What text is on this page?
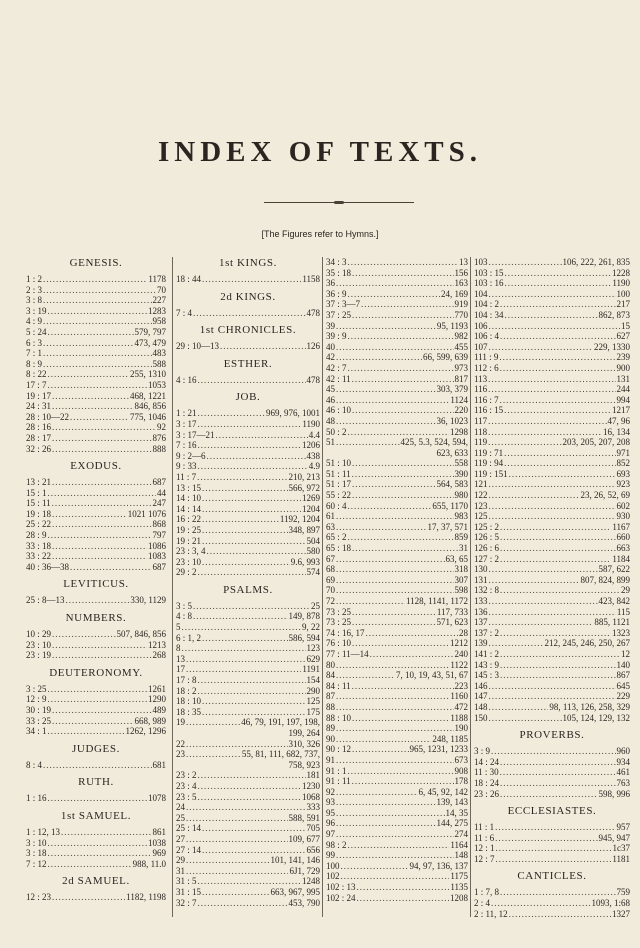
INDEX OF TEXTS.
[The Figures refer to Hymns.]
GENESIS.
1 : 2 .....	1178
2 : 3 .....	70
3 : 8 .....	227
3 : 19 .....	1283
4 : 9 .....	958
5 : 24 .....	579, 797
6 : 3 .....	473, 479
7 : 1 .....	483
8 : 9 .....	588
8 : 22 .....	255, 1310
17 : 7 .....	1053
19 : 17 .....	468, 1221
24 : 31 .....	846, 856
28 : 10—22 .....	775, 1046
28 : 16 .....	92
28 : 17 .....	876
32 : 26 .....	888
EXODUS.
13 : 21 .....	687
15 : 1 .....	44
15 : 11 .....	247
19 : 18 .....	1021 1076
25 : 22 .....	868
28 : 9 .....	797
33 : 18 .....	1086
33 : 22 .....	1083
40 : 36—38 .....	687
LEVITICUS.
25 : 8—13 .....	330, 1129
NUMBERS.
10 : 29 .....	507, 846, 856
23 : 10 .....	1213
23 : 19 .....	268
DEUTERONOMY.
3 : 25 .....	1261
12 : 9 .....	1290
30 : 19 .....	489
33 : 25 .....	668, 989
34 : 1 .....	1262, 1296
JUDGES.
8 : 4 .....	681
RUTH.
1 : 16 .....	1078
1st SAMUEL.
1 : 12, 13 .....	861
3 : 10 .....	1038
3 : 18 .....	969
7 : 12 .....	988, 11.0
2d SAMUEL.
12 : 23 .....	1182, 1198
1st KINGS.
18 : 44 .....	1158
2d KINGS.
7 : 4 .....	478
1st CHRONICLES.
29 : 10—13 .....	126
ESTHER.
4 : 16 .....	478
JOB.
1 : 21 .....	969, 976, 1001
3 : 17 .....	1190
3 : 17—21 .....	4.4
7 : 16 .....	1206
9 : 2—6 .....	438
9 : 33 .....	4.9
11 : 7 .....	210, 213
13 : 15 .....	566, 972
14 : 10 .....	1269
14 : 14 .....	1204
16 : 22 .....	1192, 1204
19 : 25 .....	348, 897
19 : 21 .....	504
23 : 3, 4 .....	580
23 : 10 .....	9.6, 993
29 : 2 .....	574
PSALMS.
3 : 5 .....	25
4 : 8 .....	149, 878
5 .....	9, 22
6 : 1, 2 .....	586, 594
8 .....	123
13 .....	629
17 .....	1191
17 : 8 .....	154
18 : 2 .....	290
18 : 10 .....	125
18 : 35 .....	175
19 .....	46, 79, 191, 197, 198,
199, 264
22 .....	310, 326
23 .....	55, 81, 111, 682, 737,
758, 923
23 : 2 .....	181
23 : 4 .....	1230
23 : 5 .....	1068
24 .....	333
25 .....	588, 591
25 : 14 .....	705
27 .....	109, 677
27 : 14 .....	656
29 .....	101, 141, 146
31 .....	6J1, 729
31 : 5 .....	1248
31 : 15 .....	663, 967, 995
32 : 7 .....	453, 790
34 : 3 .....	13
35 : 18 .....	156
36 .....	163
36 : 9 .....	24, 169
37 : 3—7 .....	919
37 : 25 .....	770
39 .....	95, 1193
39 : 9 .....	982
40 .....	455
42 .....	66, 599, 639
42 : 7 .....	973
42 : 11 .....	817
45 .....	303, 379
46 .....	1124
46 : 10 .....	220
48 .....	36, 1023
50 : 2 .....	1298
51 .....	425, 5.3, 524, 594,
623, 633
51 : 10 .....	558
51 : 11 .....	390
51 : 17 .....	564, 583
55 : 22 .....	980
60 : 4 .....	655, 1170
61 .....	983
63 .....	17, 37, 571
65 : 2 .....	859
65 : 18 .....	31
67 .....	63, 65
68 .....	318
69 .....	307
70 .....	598
72 .....	1128, 1141, 1172
73 : 25 .....	117, 733
73 : 25 .....	571, 623
74 : 16, 17 .....	28
76 : 10 .....	1212
77 : 11—14 .....	240
80 .....	1122
84 .....	7, 10, 19, 43, 51, 67
84 : 11 .....	223
87 .....	1160
88 .....	472
88 : 10 .....	1188
89 .....	190
90 .....	248, 1185
90 : 12 .....	965, 1231, 1233
91 .....	673
91 : 1 .....	908
91 : 11 .....	178
92 .....	6, 45, 92, 142
93 .....	139, 143
95 .....	14, 35
96 .....	144, 275
97 .....	274
98 : 2 .....	1164
99 .....	148
100 .....	94, 97, 136, 137
102 .....	1175
102 : 13 .....	1135
102 : 24 .....	1208
103 .....	106, 222, 261, 835
103 : 15 .....	1228
103 : 16 .....	1190
104 .....	100
104 : 2 .....	217
104 : 34 .....	862, 873
106 .....	15
106 : 4 .....	627
107 .....	229, 1330
111 : 9 .....	239
112 : 6 .....	900
113 .....	131
116 .....	244
116 : 7 .....	994
116 : 15 .....	1217
117 .....	47, 96
118 .....	16, 134
119 .....	203, 205, 207, 208
119 : 71 .....	971
119 : 94 .....	852
119 : 151 .....	693
121 .....	923
122 .....	23, 26, 52, 69
123 .....	602
125 .....	930
125 : 2 .....	1167
126 : 5 .....	660
126 : 6 .....	663
127 : 2 .....	1184
130 .....	587, 622
131 .....	807, 824, 899
132 : 8 .....	29
133 .....	423, 842
136 .....	115
137 .....	885, 1121
137 : 2 .....	1323
139 .....	212, 245, 246, 250, 267
141 : 2 .....	12
143 : 9 .....	140
145 : 3 .....	867
146 .....	645
147 .....	229
148 .....	98, 113, 126, 258, 329
150 .....	105, 124, 129, 132
PROVERBS.
3 : 9 .....	960
14 : 24 .....	934
11 : 30 .....	461
18 : 24 .....	763
23 : 26 .....	598, 996
ECCLESIASTES.
11 : 1 .....	957
11 : 6 .....	945, 947
12 : 1 .....	1c37
12 : 7 .....	1181
CANTICLES.
1 : 7, 8 .....	759
2 : 4 .....	1093, 1:68
2 : 11, 12 .....	1327
